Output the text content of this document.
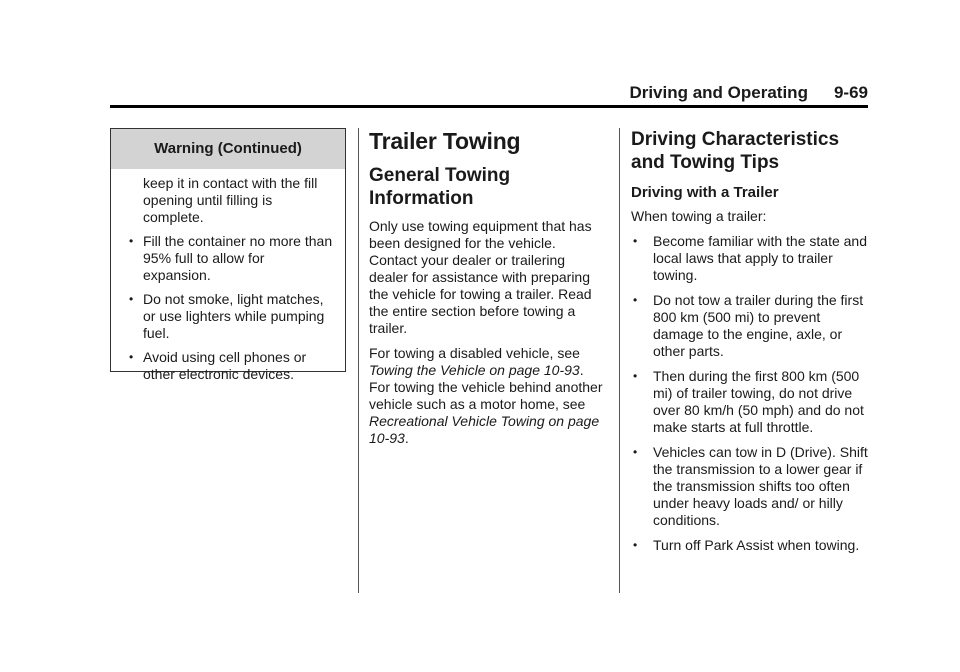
Driving and Operating 9-69
Warning (Continued)
keep it in contact with the fill opening until filling is complete.
• Fill the container no more than 95% full to allow for expansion.
• Do not smoke, light matches, or use lighters while pumping fuel.
• Avoid using cell phones or other electronic devices.
Trailer Towing
General Towing Information

Only use towing equipment that has been designed for the vehicle. Contact your dealer or trailering dealer for assistance with preparing the vehicle for towing a trailer. Read the entire section before towing a trailer.

For towing a disabled vehicle, see Towing the Vehicle on page 10-93. For towing the vehicle behind another vehicle such as a motor home, see Recreational Vehicle Towing on page 10-93.

Driving Characteristics and Towing Tips
Driving with a Trailer

When towing a trailer:

• Become familiar with the state and local laws that apply to trailer towing.
• Do not tow a trailer during the first 800 km (500 mi) to prevent damage to the engine, axle, or other parts.
• Then during the first 800 km (500 mi) of trailer towing, do not drive over 80 km/h (50 mph) and do not make starts at full throttle.
• Vehicles can tow in D (Drive). Shift the transmission to a lower gear if the transmission shifts too often under heavy loads and/ or hilly conditions.
• Turn off Park Assist when towing.
